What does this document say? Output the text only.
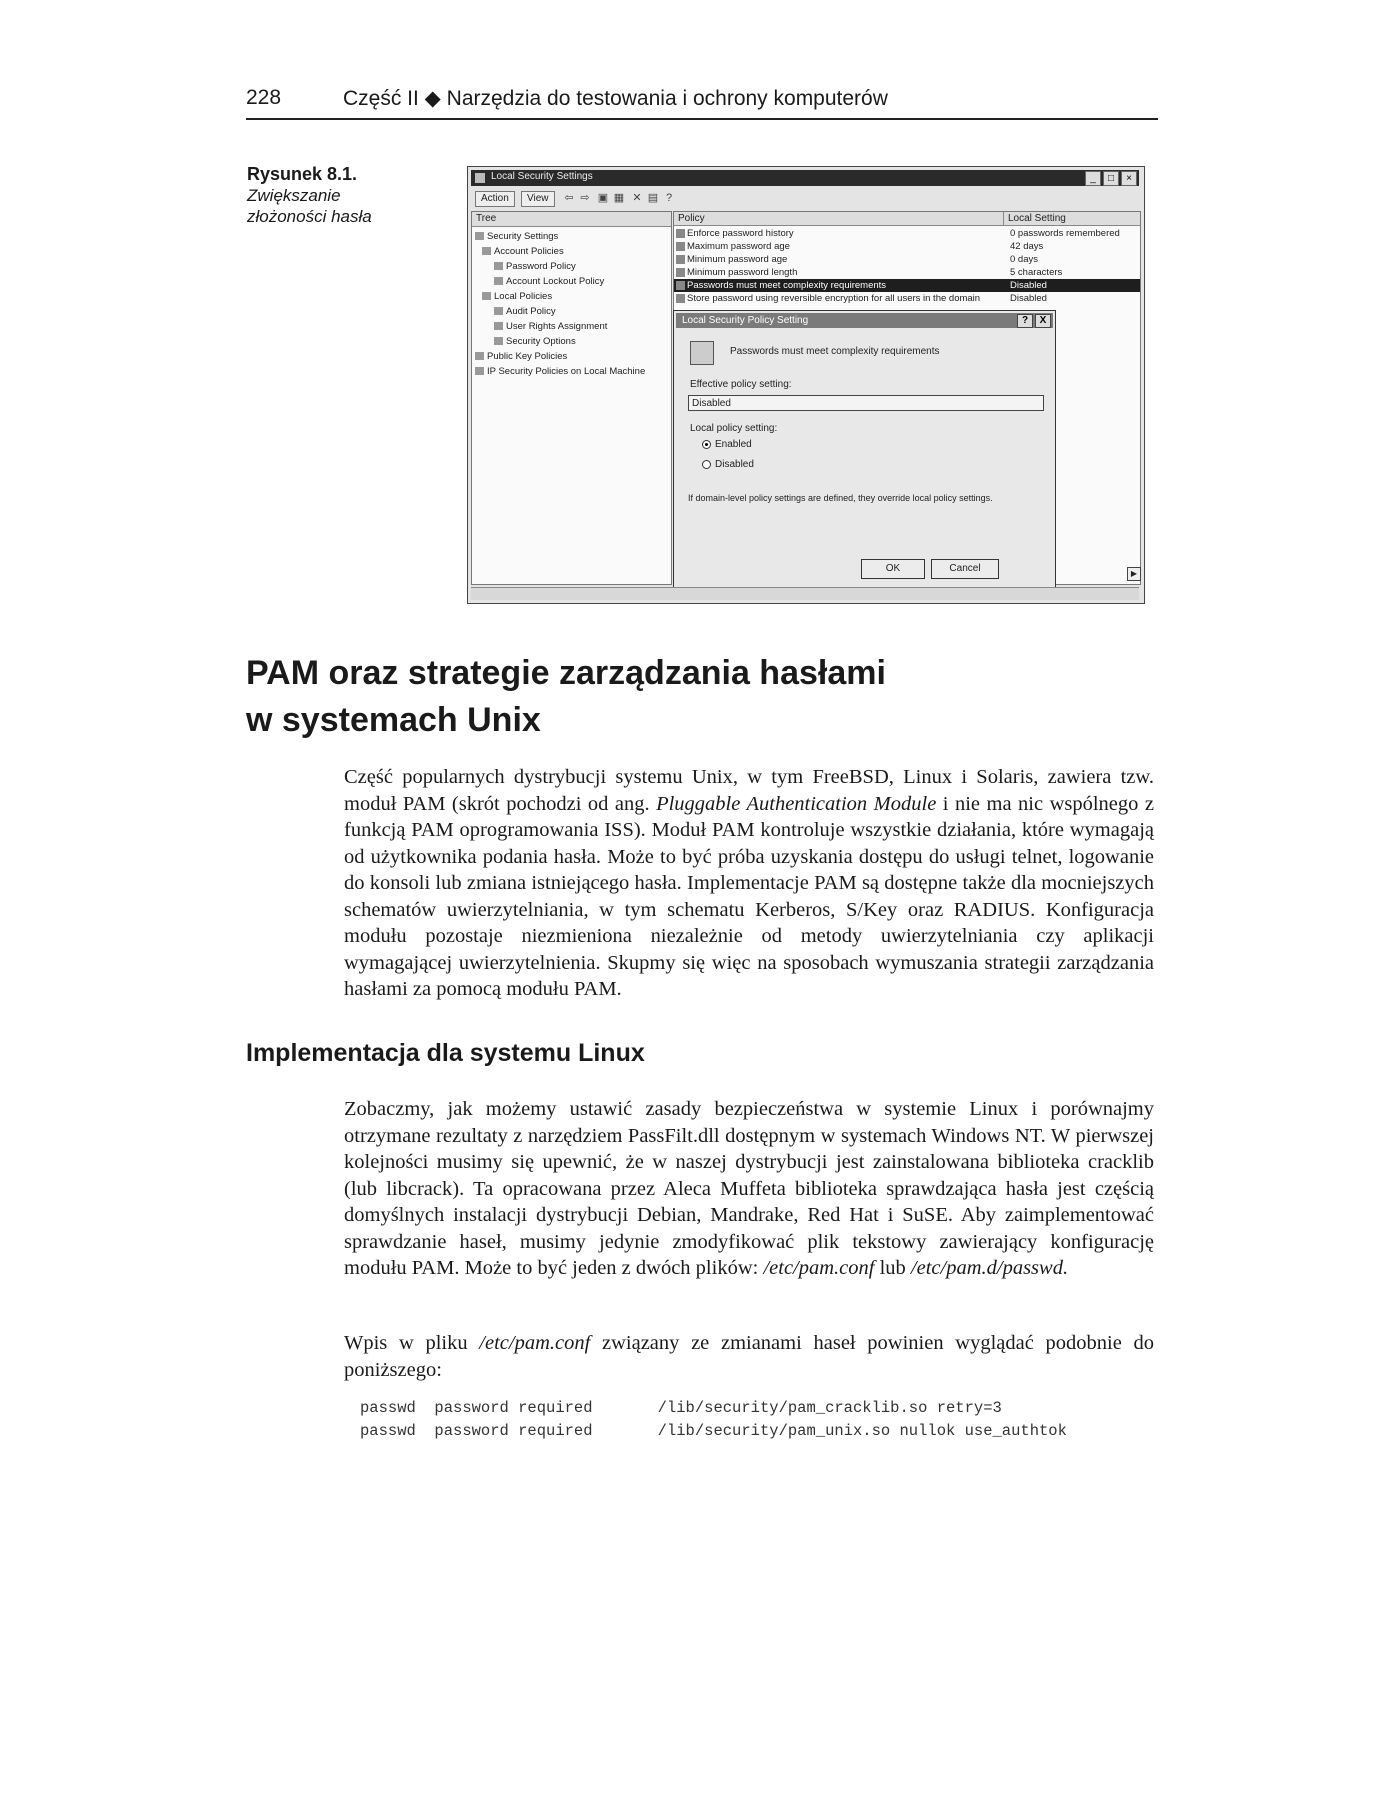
228	Część II ◆ Narzędzia do testowania i ochrony komputerów
Rysunek 8.1.
Zwiększanie
złożoności hasła
Local Security Settings	_	□	×
Action	View	⇦ ⇨ ▣ ▦ ✕ ▤ ?
Tree
Security Settings
Account Policies
Password Policy
Account Lockout Policy
Local Policies
Audit Policy
User Rights Assignment
Security Options
Public Key Policies
IP Security Policies on Local Machine
Policy	Local Setting
Enforce password history	0 passwords remembered
Maximum password age	42 days
Minimum password age	0 days
Minimum password length	5 characters
Passwords must meet complexity requirements	Disabled
Store password using reversible encryption for all users in the domain	Disabled
Local Security Policy Setting	?	X
Passwords must meet complexity requirements
Effective policy setting:
Disabled
Local policy setting:
Enabled
Disabled
If domain-level policy settings are defined, they override local policy settings.
OK	Cancel	▶
PAM oraz strategie zarządzania hasłami
w systemach Unix
Część popularnych dystrybucji systemu Unix, w tym FreeBSD, Linux i Solaris, zawiera tzw. moduł PAM (skrót pochodzi od ang. Pluggable Authentication Module i nie ma nic wspólnego z funkcją PAM oprogramowania ISS). Moduł PAM kontroluje wszystkie działania, które wymagają od użytkownika podania hasła. Może to być próba uzyskania dostępu do usługi telnet, logowanie do konsoli lub zmiana istniejącego hasła. Implementacje PAM są dostępne także dla mocniejszych schematów uwierzytelniania, w tym schematu Kerberos, S/Key oraz RADIUS. Konfiguracja modułu pozostaje niezmieniona niezależnie od metody uwierzytelniania czy aplikacji wymagającej uwierzytelnienia. Skupmy się więc na sposobach wymuszania strategii zarządzania hasłami za pomocą modułu PAM.
Implementacja dla systemu Linux
Zobaczmy, jak możemy ustawić zasady bezpieczeństwa w systemie Linux i porównajmy otrzymane rezultaty z narzędziem PassFilt.dll dostępnym w systemach Windows NT. W pierwszej kolejności musimy się upewnić, że w naszej dystrybucji jest zainstalowana biblioteka cracklib (lub libcrack). Ta opracowana przez Aleca Muffeta biblioteka sprawdzająca hasła jest częścią domyślnych instalacji dystrybucji Debian, Mandrake, Red Hat i SuSE. Aby zaimplementować sprawdzanie haseł, musimy jedynie zmodyfikować plik tekstowy zawierający konfigurację modułu PAM. Może to być jeden z dwóch plików: /etc/pam.conf lub /etc/pam.d/passwd.
Wpis w pliku /etc/pam.conf związany ze zmianami haseł powinien wyglądać podobnie do poniższego:
passwd  password required       /lib/security/pam_cracklib.so retry=3
passwd  password required       /lib/security/pam_unix.so nullok use_authtok
